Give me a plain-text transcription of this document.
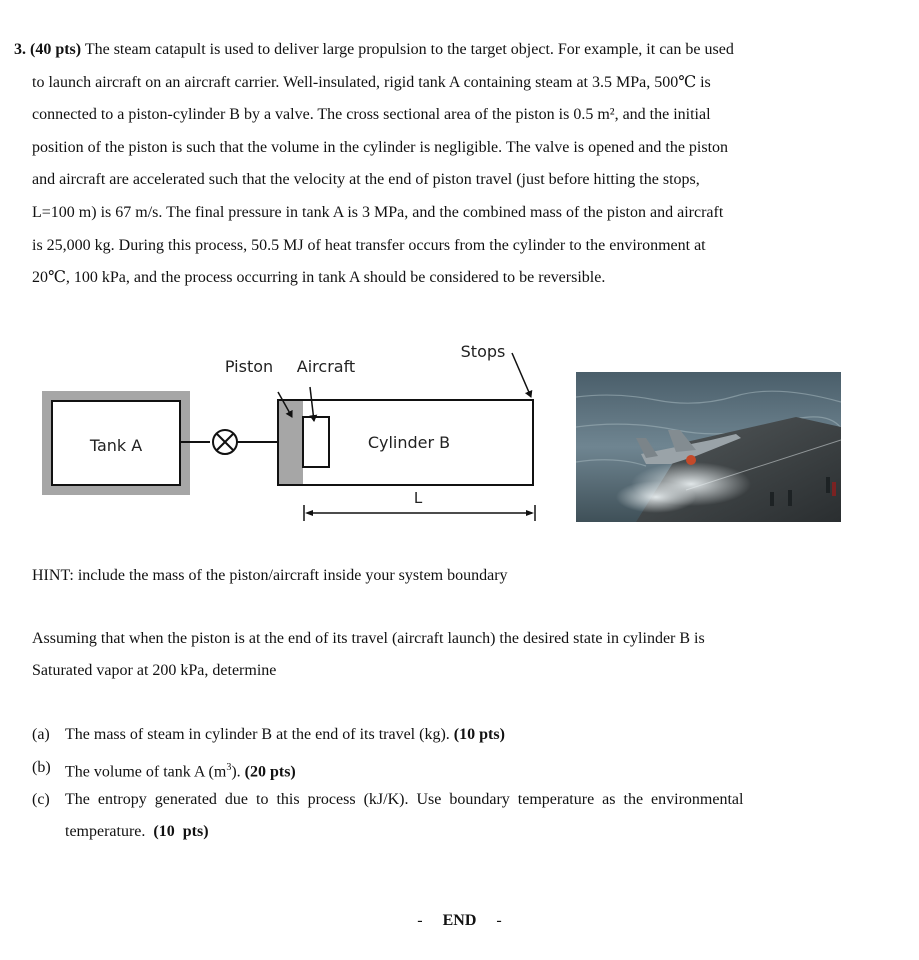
3. (40 pts) The steam catapult is used to deliver large propulsion to the target object. For example, it can be used
to launch aircraft on an aircraft carrier. Well-insulated, rigid tank A containing steam at 3.5 MPa, 500℃ is
connected to a piston-cylinder B by a valve. The cross sectional area of the piston is 0.5 m², and the initial
position of the piston is such that the volume in the cylinder is negligible. The valve is opened and the piston
and aircraft are accelerated such that the velocity at the end of piston travel (just before hitting the stops,
L=100 m) is 67 m/s. The final pressure in tank A is 3 MPa, and the combined mass of the piston and aircraft
is 25,000 kg. During this process, 50.5 MJ of heat transfer occurs from the cylinder to the environment at
20℃, 100 kPa, and the process occurring in tank A should be considered to be reversible.
Tank A	Cylinder B
Piston Aircraft
Stops
L
HINT: include the mass of the piston/aircraft inside your system boundary
Assuming that when the piston is at the end of its travel (aircraft launch) the desired state in cylinder B is
Saturated vapor at 200 kPa, determine
(a) The mass of steam in cylinder B at the end of its travel (kg). (10 pts)
(b) The volume of tank A $(m^3)$. (20 pts)
(c) The entropy generated due to this process (kJ/K). Use boundary temperature as the environmental
temperature. (10 pts)
- END -
